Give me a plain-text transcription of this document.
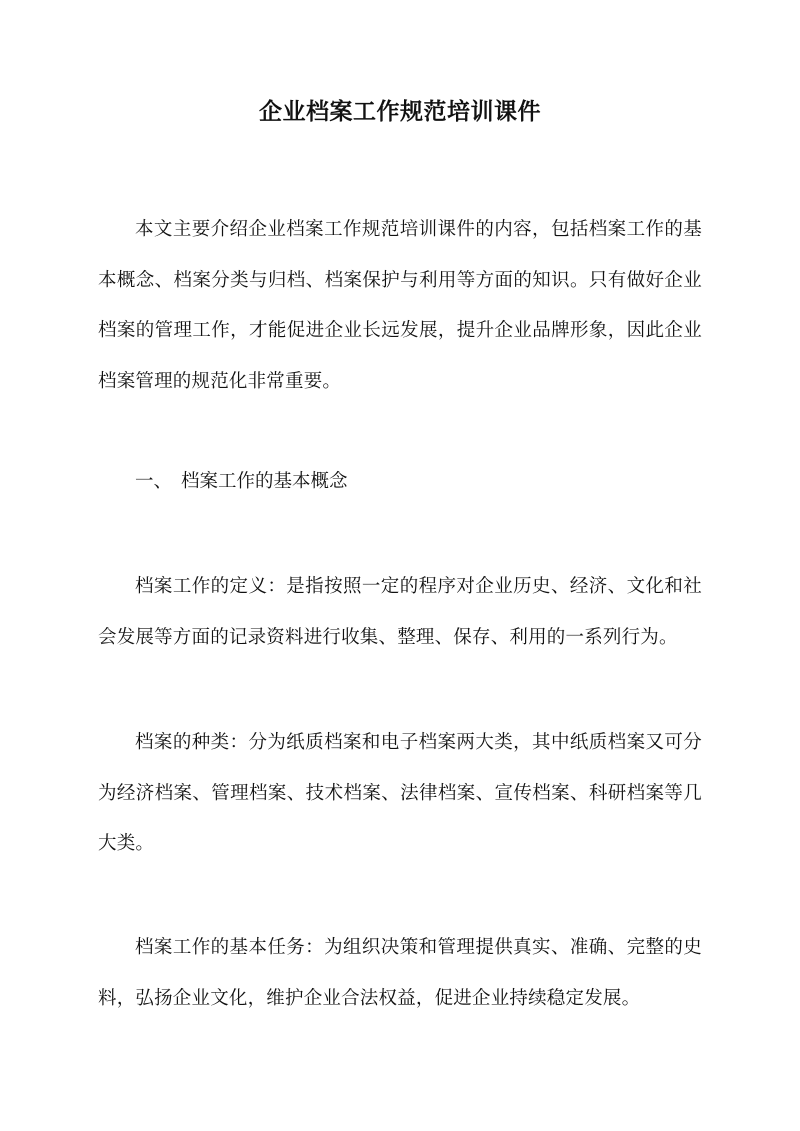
企业档案工作规范培训课件
本文主要介绍企业档案工作规范培训课件的内容，包括档案工作的基本概念、档案分类与归档、档案保护与利用等方面的知识。只有做好企业档案的管理工作，才能促进企业长远发展，提升企业品牌形象，因此企业档案管理的规范化非常重要。
一、 档案工作的基本概念
档案工作的定义：是指按照一定的程序对企业历史、经济、文化和社会发展等方面的记录资料进行收集、整理、保存、利用的一系列行为。
档案的种类：分为纸质档案和电子档案两大类，其中纸质档案又可分为经济档案、管理档案、技术档案、法律档案、宣传档案、科研档案等几大类。
档案工作的基本任务：为组织决策和管理提供真实、准确、完整的史料，弘扬企业文化，维护企业合法权益，促进企业持续稳定发展。
